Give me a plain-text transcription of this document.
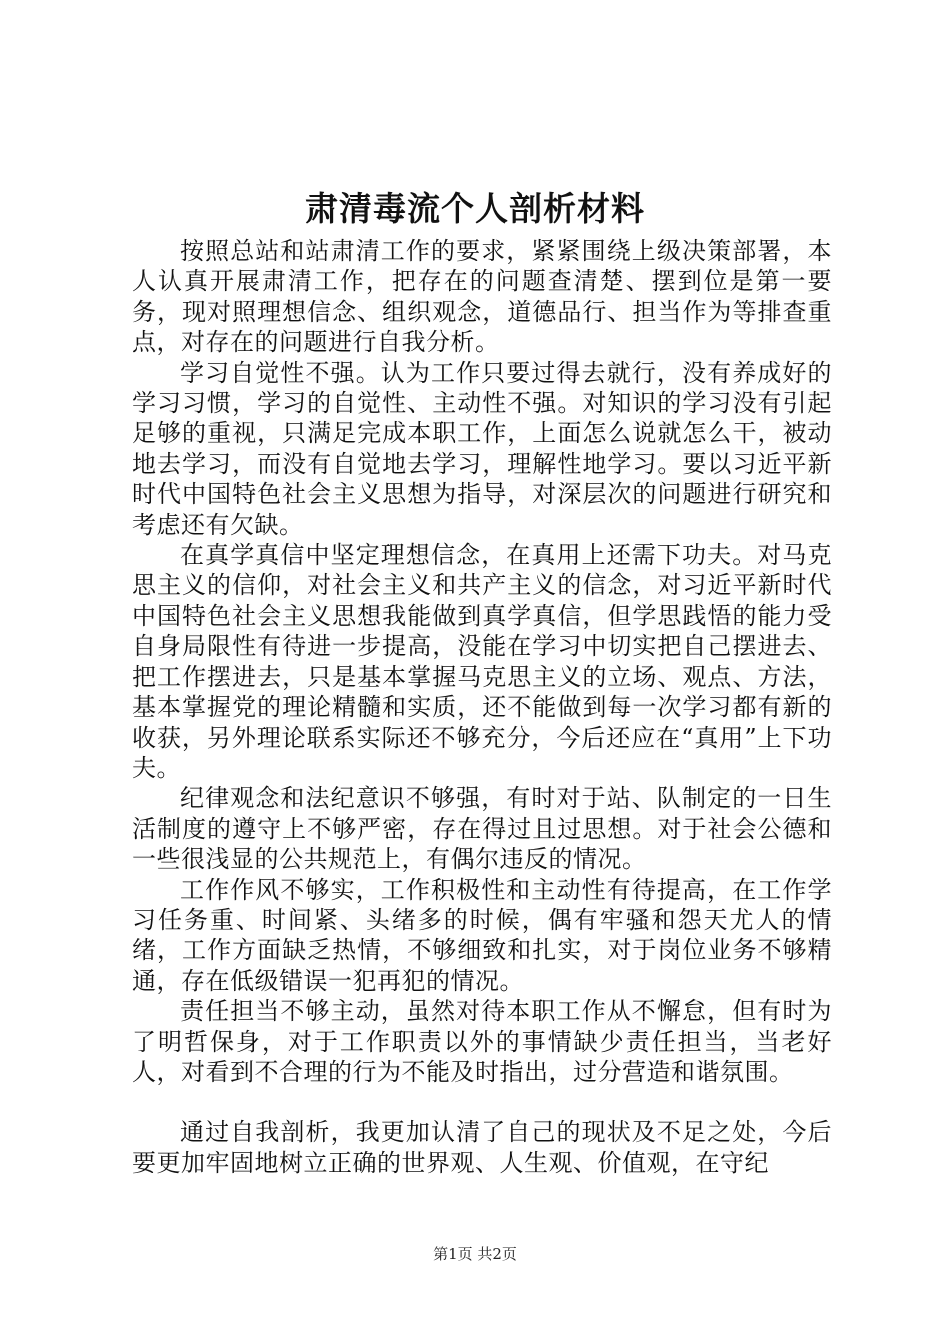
肃清毒流个人剖析材料

按照总站和站肃清工作的要求，紧紧围绕上级决策部署，本人认真开展肃清工作，把存在的问题查清楚、摆到位是第一要务，现对照理想信念、组织观念，道德品行、担当作为等排查重点，对存在的问题进行自我分析。

学习自觉性不强。认为工作只要过得去就行，没有养成好的学习习惯，学习的自觉性、主动性不强。对知识的学习没有引起足够的重视，只满足完成本职工作，上面怎么说就怎么干，被动地去学习，而没有自觉地去学习，理解性地学习。要以习近平新时代中国特色社会主义思想为指导，对深层次的问题进行研究和考虑还有欠缺。

在真学真信中坚定理想信念，在真用上还需下功夫。对马克思主义的信仰，对社会主义和共产主义的信念，对习近平新时代中国特色社会主义思想我能做到真学真信，但学思践悟的能力受自身局限性有待进一步提高，没能在学习中切实把自己摆进去、把工作摆进去，只是基本掌握马克思主义的立场、观点、方法，基本掌握党的理论精髓和实质，还不能做到每一次学习都有新的收获，另外理论联系实际还不够充分，今后还应在“真用”上下功夫。

纪律观念和法纪意识不够强，有时对于站、队制定的一日生活制度的遵守上不够严密，存在得过且过思想。对于社会公德和一些很浅显的公共规范上，有偶尔违反的情况。

工作作风不够实，工作积极性和主动性有待提高，在工作学习任务重、时间紧、头绪多的时候，偶有牢骚和怨天尤人的情绪，工作方面缺乏热情，不够细致和扎实，对于岗位业务不够精通，存在低级错误一犯再犯的情况。

责任担当不够主动，虽然对待本职工作从不懈怠，但有时为了明哲保身，对于工作职责以外的事情缺少责任担当，当老好人，对看到不合理的行为不能及时指出，过分营造和谐氛围。

通过自我剖析，我更加认清了自己的现状及不足之处，今后要更加牢固地树立正确的世界观、人生观、价值观，在守纪

第1页 共2页
